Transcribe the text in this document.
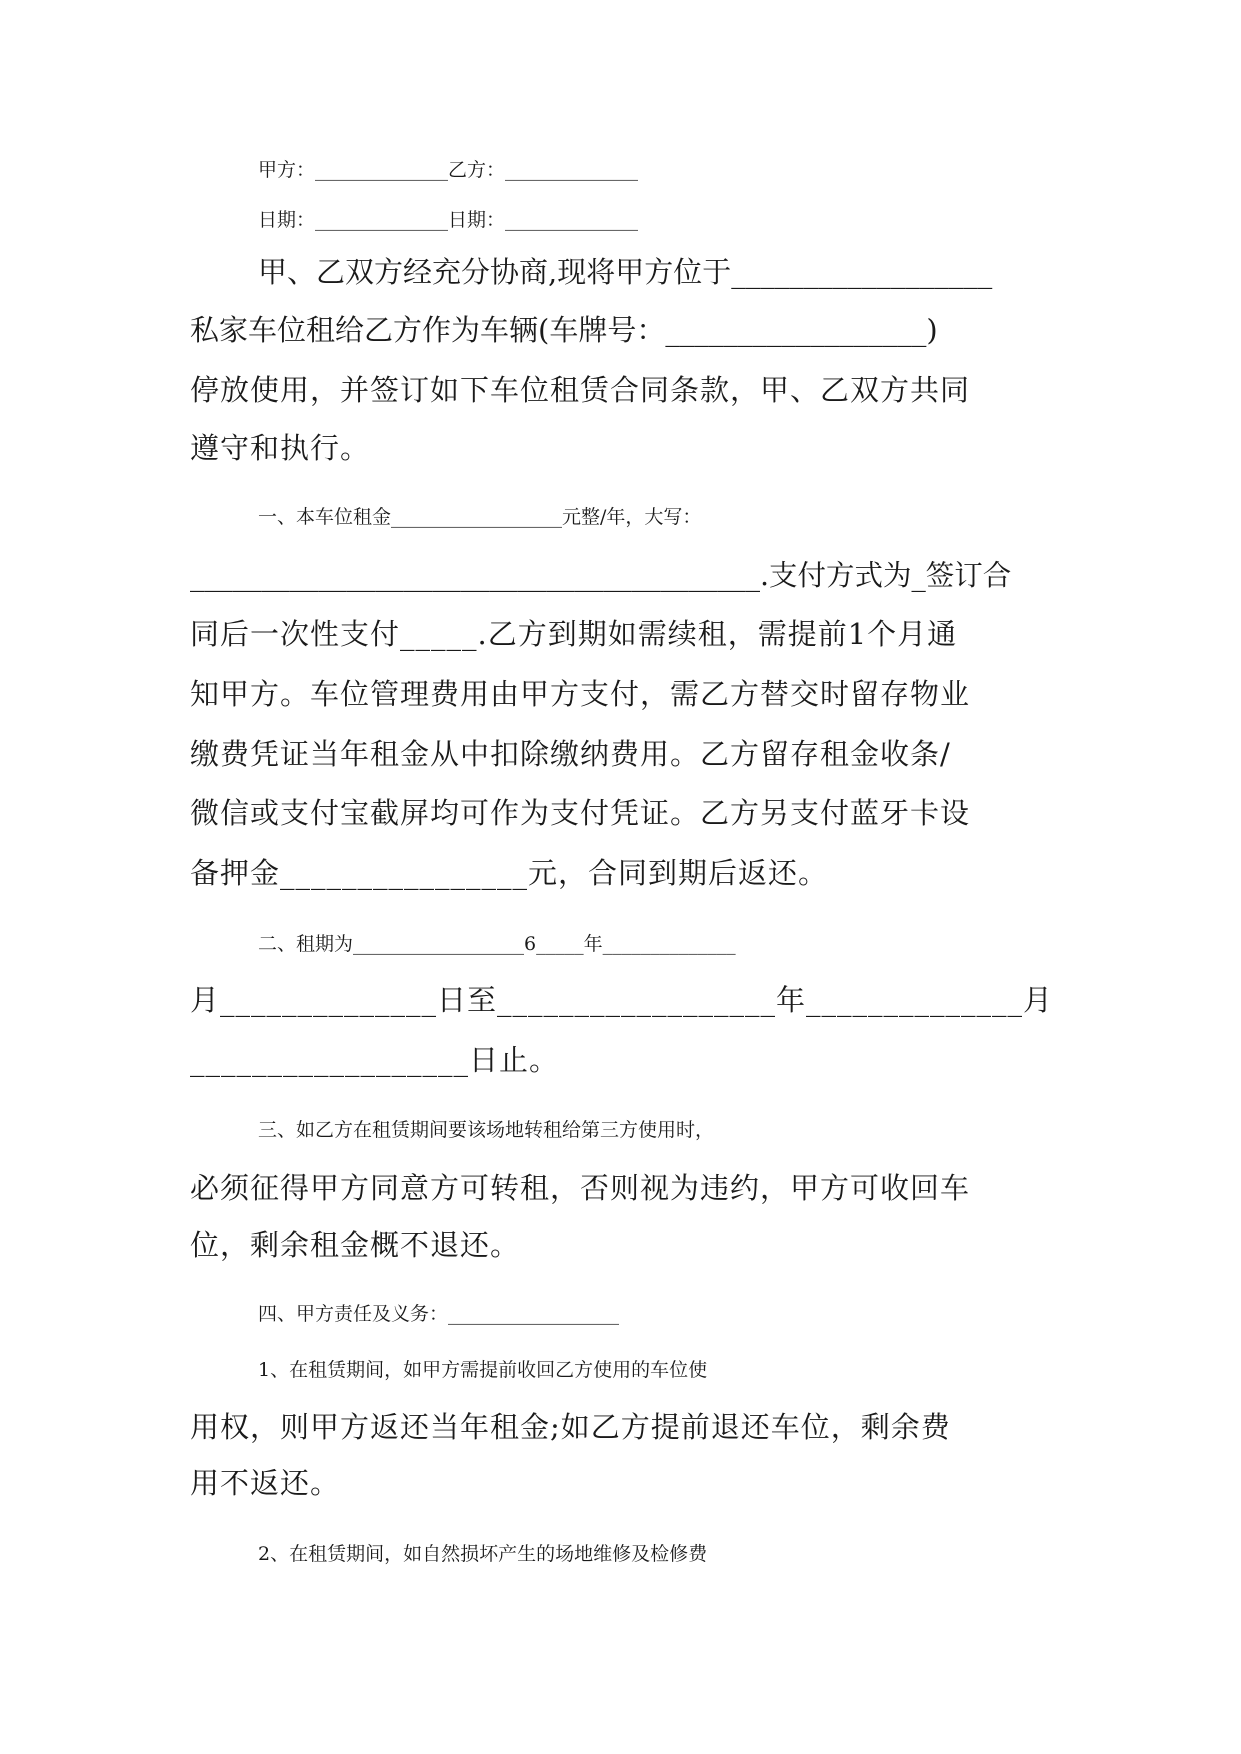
甲方：______________乙方：______________
日期：______________日期：______________
甲、乙双方经充分协商,现将甲方位于__________________
私家车位租给乙方作为车辆(车牌号：__________________)
停放使用，并签订如下车位租赁合同条款，甲、乙双方共同
遵守和执行。
一、本车位租金__________________元整/年，大写：
________________________________________.支付方式为_签订合
同后一次性支付_____.乙方到期如需续租，需提前1个月通
知甲方。车位管理费用由甲方支付，需乙方替交时留存物业
缴费凭证当年租金从中扣除缴纳费用。乙方留存租金收条/
微信或支付宝截屏均可作为支付凭证。乙方另支付蓝牙卡设
备押金________________元，合同到期后返还。
二、租期为__________________6_____年______________
月______________日至__________________年______________月
__________________日止。
三、如乙方在租赁期间要该场地转租给第三方使用时，
必须征得甲方同意方可转租，否则视为违约，甲方可收回车
位，剩余租金概不退还。
四、甲方责任及义务：__________________
1、在租赁期间，如甲方需提前收回乙方使用的车位使
用权，则甲方返还当年租金;如乙方提前退还车位，剩余费
用不返还。
2、在租赁期间，如自然损坏产生的场地维修及检修费
